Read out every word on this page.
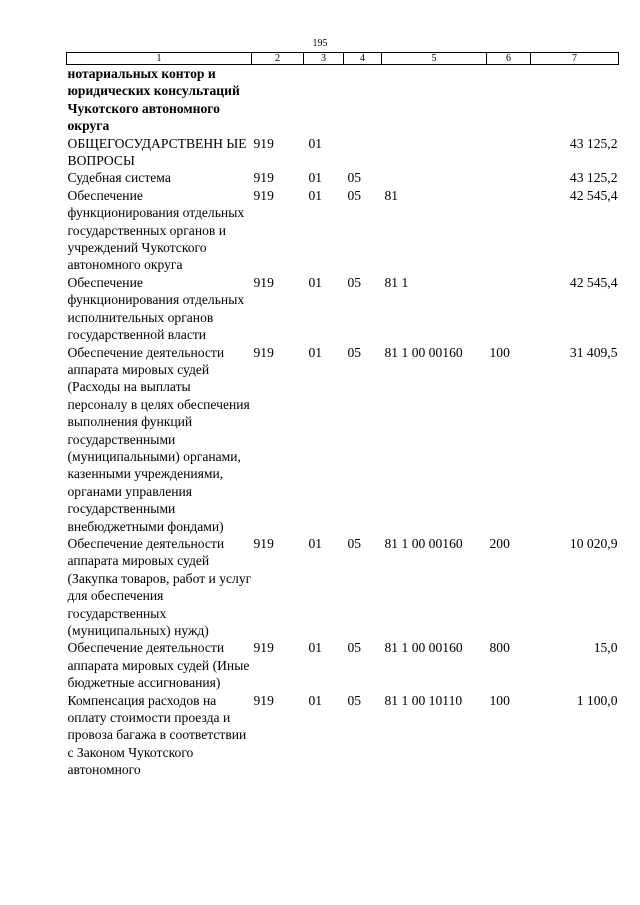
195
1	2	3	4	5	6	7
нотариальных контор и юридических консультаций Чукотского автономного округа						
ОБЩЕГОСУДАРСТВЕНН ЫЕ ВОПРОСЫ	919	01				43 125,2
Судебная система	919	01	05			43 125,2
Обеспечение функционирования отдельных государственных органов и учреждений Чукотского автономного округа	919	01	05	81		42 545,4
Обеспечение функционирования отдельных исполнительных органов государственной власти	919	01	05	81 1		42 545,4
Обеспечение деятельности аппарата мировых судей (Расходы на выплаты персоналу в целях обеспечения выполнения функций государственными (муниципальными) органами, казенными учреждениями, органами управления государственными внебюджетными фондами)	919	01	05	81 1 00 00160	100	31 409,5
Обеспечение деятельности аппарата мировых судей (Закупка товаров, работ и услуг для обеспечения государственных (муниципальных) нужд)	919	01	05	81 1 00 00160	200	10 020,9
Обеспечение деятельности аппарата мировых судей (Иные бюджетные ассигнования)	919	01	05	81 1 00 00160	800	15,0
Компенсация расходов на оплату стоимости проезда и провоза багажа в соответствии с Законом Чукотского автономного	919	01	05	81 1 00 10110	100	1 100,0
